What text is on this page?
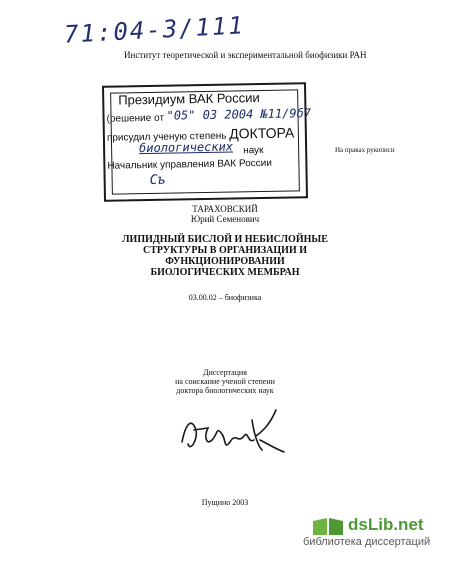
71:04-3/111
Институт теоретической и экспериментальной биофизики РАН
Президиум ВАК России
(решение от "05" 03 2004 №11/9б7
присудил ученую степень ДОКТОРА
биологических наук
Начальник управления ВАК России
Съ
На правах рукописи
ТАРАХОВСКИЙ
Юрий Семенович
ЛИПИДНЫЙ БИСЛОЙ И НЕБИСЛОЙНЫЕ
СТРУКТУРЫ В ОРГАНИЗАЦИИ И ФУНКЦИОНИРОВАНИИ
БИОЛОГИЧЕСКИХ МЕМБРАН
03.00.02 – биофизика
Диссертация
на соискание ученой степени
доктора биологических наук
Пущино 2003
dsLib.net
библиотека диссертаций
